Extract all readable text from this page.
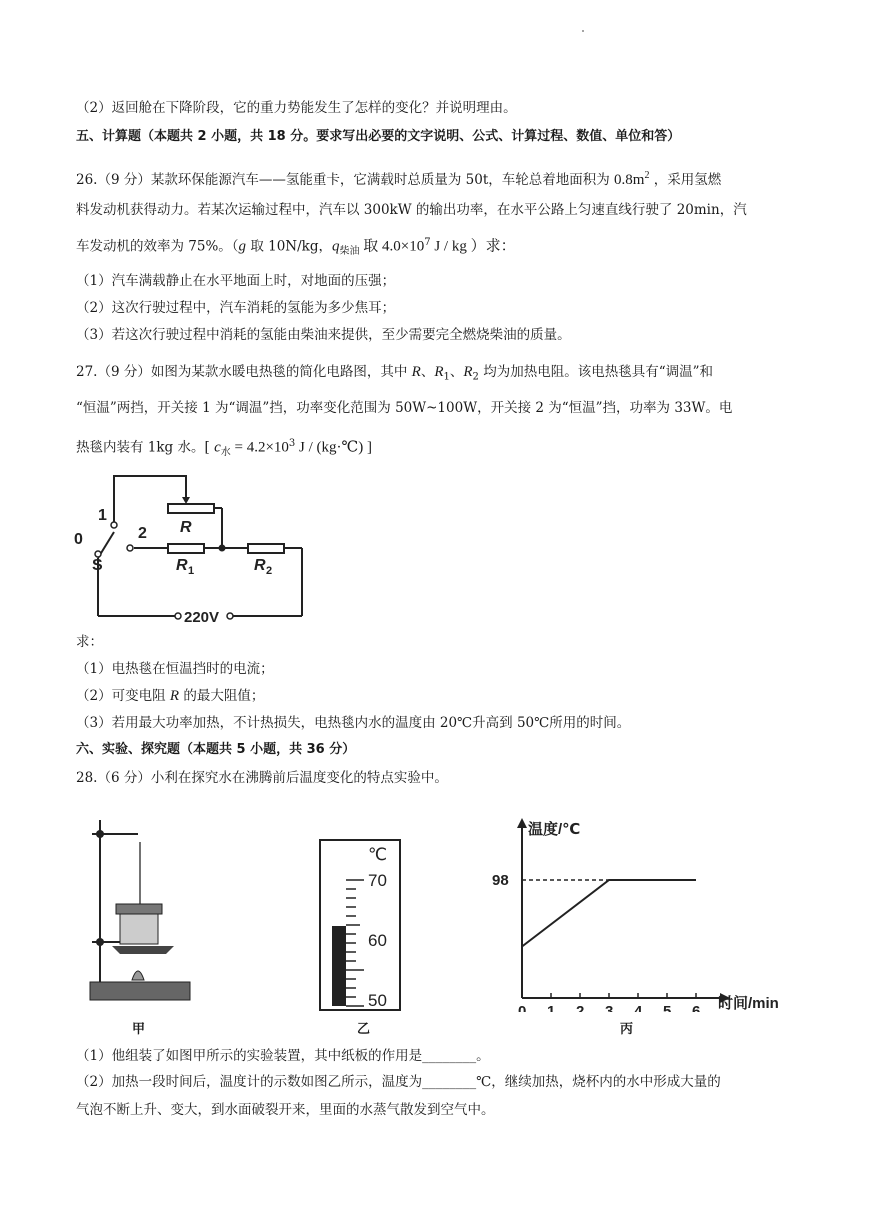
（2）返回舱在下降阶段，它的重力势能发生了怎样的变化？并说明理由。
五、计算题（本题共 2 小题，共 18 分。要求写出必要的文字说明、公式、计算过程、数值、单位和答）
26.（9 分）某款环保能源汽车——氢能重卡，它满载时总质量为 50t，车轮总着地面积为 $0.8m^2$ ，采用氢燃
料发动机获得动力。若某次运输过程中，汽车以 300kW 的输出功率，在水平公路上匀速直线行驶了 20min，汽
车发动机的效率为 75%。（g 取 10N/kg，$q_{柴油}$ 取 $4.0\times 10^7$ J / kg ）求：
（1）汽车满载静止在水平地面上时，对地面的压强；
（2）这次行驶过程中，汽车消耗的氢能为多少焦耳；
（3）若这次行驶过程中消耗的氢能由柴油来提供，至少需要完全燃烧柴油的质量。
27.（9 分）如图为某款水暖电热毯的简化电路图，其中 R、$R_1$、$R_2$ 均为加热电阻。该电热毯具有“调温”和
“恒温”两挡，开关接 1 为“调温”挡，功率变化范围为 50W~100W，开关接 2 为“恒温”挡，功率为 33W。电
热毯内装有 1kg 水。[ $c_水 = 4.2\times 10^3$ J / (kg·℃) ]
1
2
0
S
R
R 1	R 2
220V
求：
（1）电热毯在恒温挡时的电流；
（2）可变电阻 R 的最大阻值；
（3）若用最大功率加热，不计热损失，电热毯内水的温度由 20℃升高到 50℃所用的时间。
六、实验、探究题（本题共 5 小题，共 36 分）
28.（6 分）小利在探究水在沸腾前后温度变化的特点实验中。
甲
℃
70
60
50
乙
温度/℃
时间/min
0 1 2 3 4 5 6
98
丙
（1）他组装了如图甲所示的实验装置，其中纸板的作用是________。
（2）加热一段时间后，温度计的示数如图乙所示，温度为________℃，继续加热，烧杯内的水中形成大量的
气泡不断上升、变大，到水面破裂开来，里面的水蒸气散发到空气中。
